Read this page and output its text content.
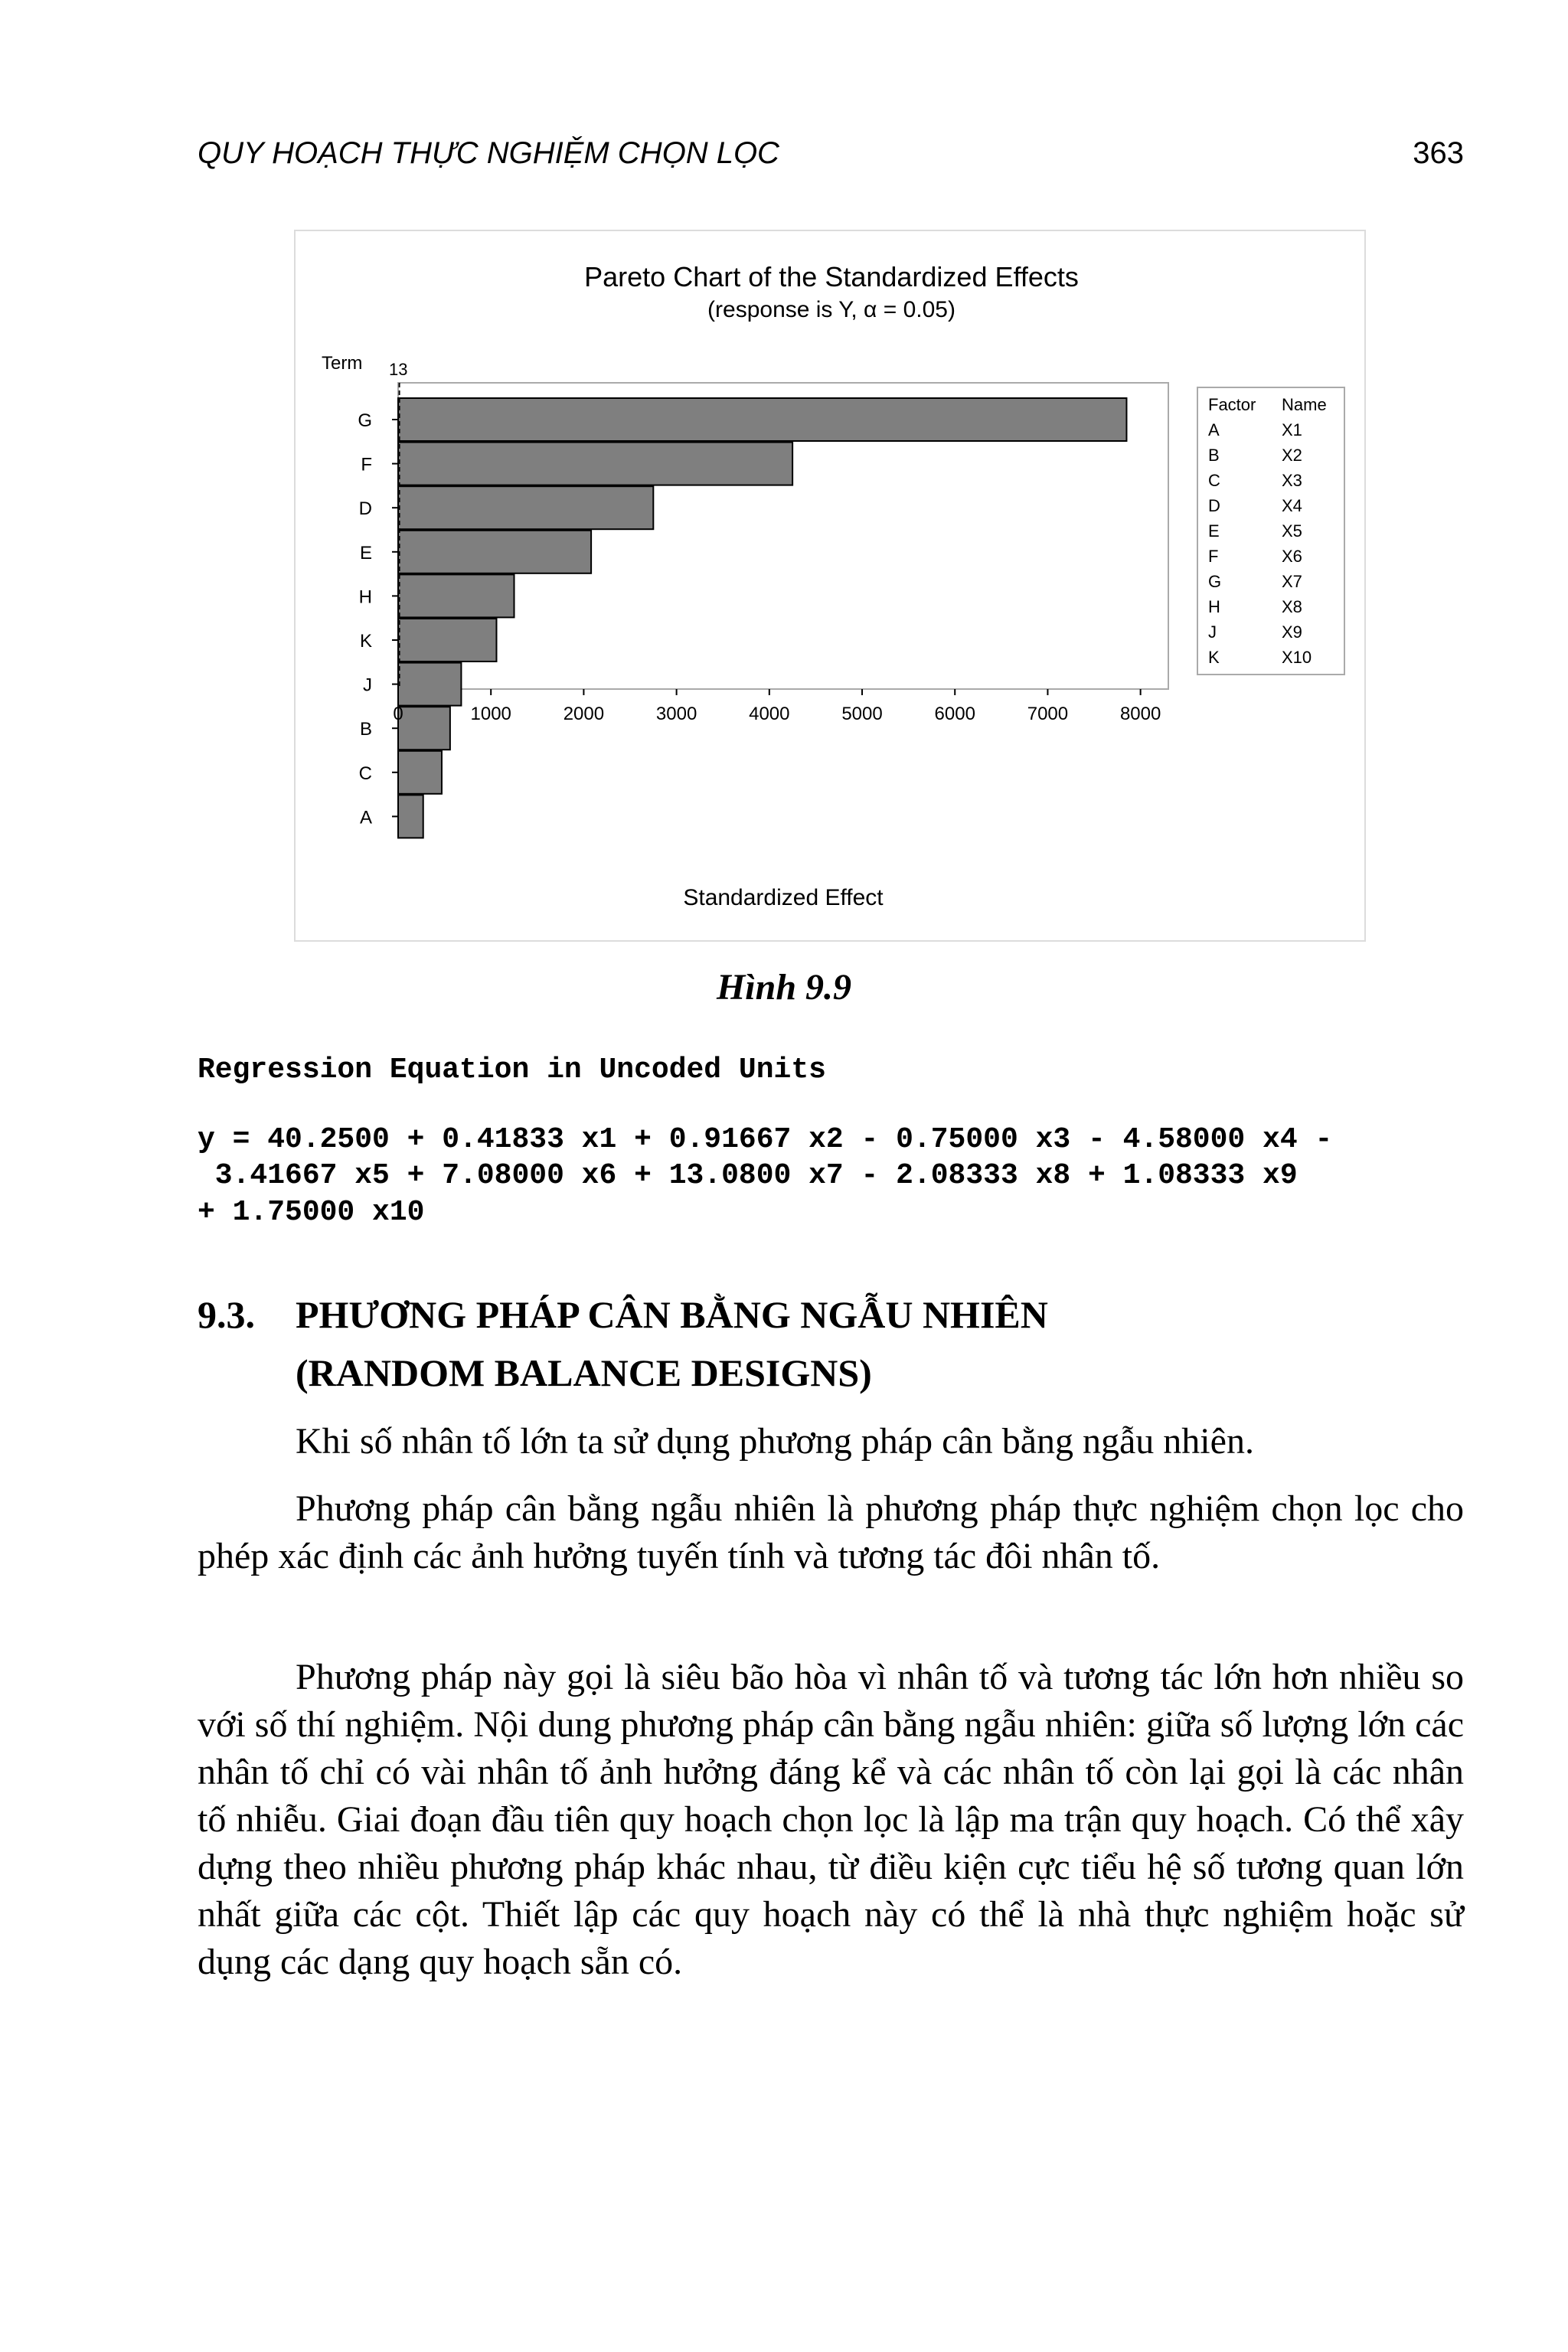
QUY HOẠCH THỰC NGHIỆM CHỌN LỌC	363
Pareto Chart of the Standardized Effects
(response is Y, α = 0.05)
Term 13
G
F
D
E
H
K
J
B
C
A
0	1000	2000	3000	4000	5000	6000	7000	8000
Standardized Effect
Factor Name
A	X1
B	X2
C	X3
D	X4
E	X5
F	X6
G	X7
H	X8
J	X9
K	X10
Hình 9.9
Regression Equation in Uncoded Units
y = 40.2500 + 0.41833 x1 + 0.91667 x2 - 0.75000 x3 - 4.58000 x4 -
3.41667 x5 + 7.08000 x6 + 13.0800 x7 - 2.08333 x8 + 1.08333 x9
+ 1.75000 x10
9.3. PHƯƠNG PHÁP CÂN BẰNG NGẪU NHIÊN
(RANDOM BALANCE DESIGNS)
Khi số nhân tố lớn ta sử dụng phương pháp cân bằng ngẫu nhiên.
Phương pháp cân bằng ngẫu nhiên là phương pháp thực nghiệm chọn lọc cho phép xác định các ảnh hưởng tuyến tính và tương tác đôi nhân tố.
Phương pháp này gọi là siêu bão hòa vì nhân tố và tương tác lớn hơn nhiều so với số thí nghiệm. Nội dung phương pháp cân bằng ngẫu nhiên: giữa số lượng lớn các nhân tố chỉ có vài nhân tố ảnh hưởng đáng kể và các nhân tố còn lại gọi là các nhân tố nhiễu. Giai đoạn đầu tiên quy hoạch chọn lọc là lập ma trận quy hoạch. Có thể xây dựng theo nhiều phương pháp khác nhau, từ điều kiện cực tiểu hệ số tương quan lớn nhất giữa các cột. Thiết lập các quy hoạch này có thể là nhà thực nghiệm hoặc sử dụng các dạng quy hoạch sẵn có.
